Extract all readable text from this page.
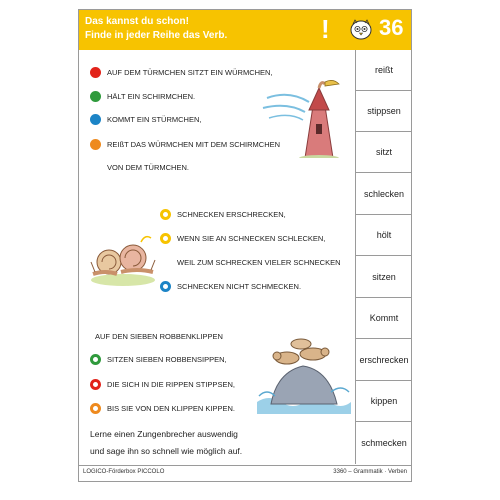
Das kannst du schon!
Finde in jeder Reihe das Verb.	! 36
reißt
stippsen
sitzt
schlecken
hölt
sitzen
Kommt
erschrecken
kippen
schmecken
AUF DEM TÜRMCHEN SITZT EIN WÜRMCHEN,
HÄLT EIN SCHIRMCHEN.
KOMMT EIN STÜRMCHEN,
REIßT DAS WÜRMCHEN MIT DEM SCHIRMCHEN
VON DEM TÜRMCHEN.
SCHNECKEN ERSCHRECKEN,
WENN SIE AN SCHNECKEN SCHLECKEN,
WEIL ZUM SCHRECKEN VIELER SCHNECKEN
SCHNECKEN NICHT SCHMECKEN.
AUF DEN SIEBEN ROBBENKLIPPEN
SITZEN SIEBEN ROBBENSIPPEN,
DIE SICH IN DIE RIPPEN STIPPSEN,
BIS SIE VON DEN KLIPPEN KIPPEN.
Lerne einen Zungenbrecher auswendig
und sage ihn so schnell wie möglich auf.
LOGICO-Förderbox PICCOLO	3360 – Grammatik · Verben
